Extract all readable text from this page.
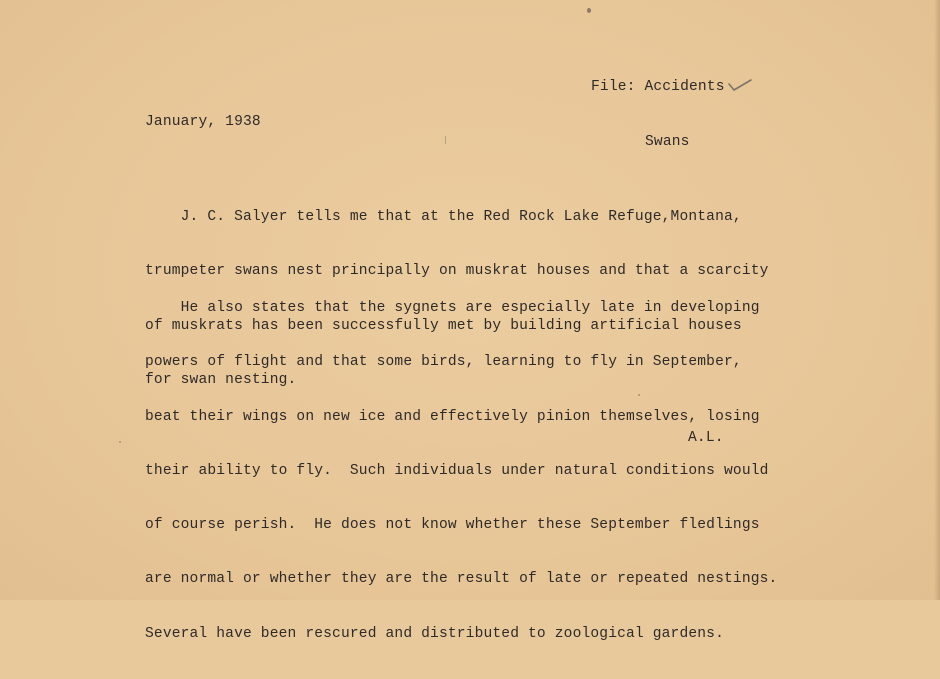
File: Accidents

Swans

January, 1938

J. C. Salyer tells me that at the Red Rock Lake Refuge,Montana,

trumpeter swans nest principally on muskrat houses and that a scarcity

of muskrats has been successfully met by building artificial houses

for swan nesting.

He also states that the sygnets are especially late in developing

powers of flight and that some birds, learning to fly in September,

beat their wings on new ice and effectively pinion themselves, losing

their ability to fly.  Such individuals under natural conditions would

of course perish.  He does not know whether these September fledlings

are normal or whether they are the result of late or repeated nestings.

Several have been rescured and distributed to zoological gardens.

A.L.
